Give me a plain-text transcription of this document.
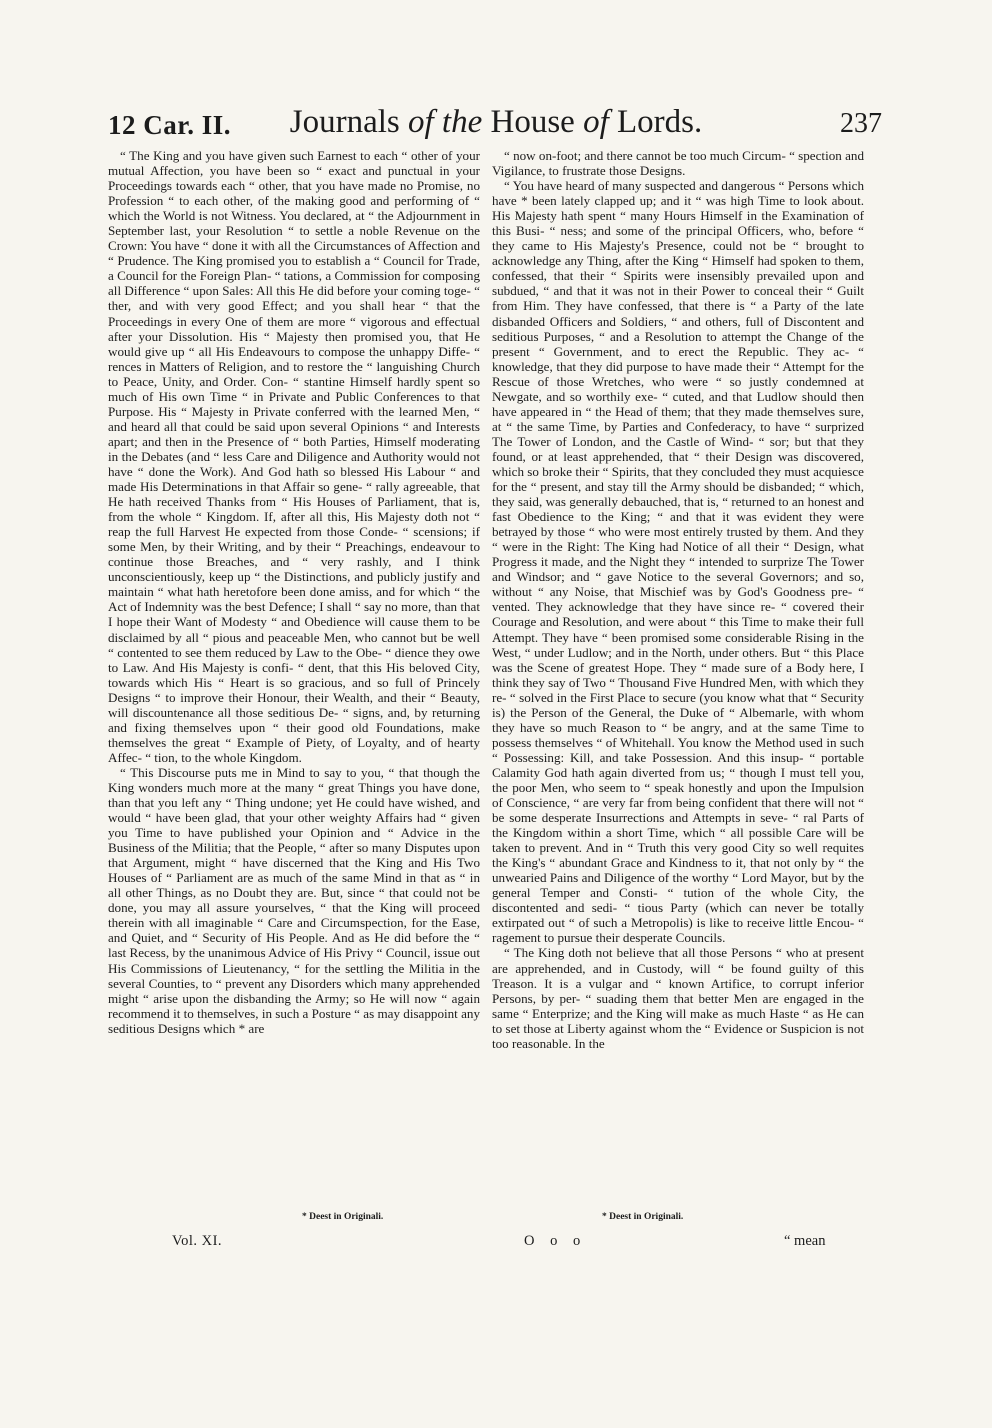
12 Car. II.	Journals of the House of Lords.	237

“ The King and you have given such Earnest to each “ other of your mutual Affection, you have been so “ exact and punctual in your Proceedings towards each “ other, that you have made no Promise, no Profession “ to each other, of the making good and performing of “ which the World is not Witness. You declared, at “ the Adjournment in September last, your Resolution “ to settle a noble Revenue on the Crown: You have “ done it with all the Circumstances of Affection and “ Prudence. The King promised you to establish a “ Council for Trade, a Council for the Foreign Plan- “ tations, a Commission for composing all Difference “ upon Sales: All this He did before your coming toge- “ ther, and with very good Effect; and you shall hear “ that the Proceedings in every One of them are more “ vigorous and effectual after your Dissolution. His “ Majesty then promised you, that He would give up “ all His Endeavours to compose the unhappy Diffe- “ rences in Matters of Religion, and to restore the “ languishing Church to Peace, Unity, and Order. Con- “ stantine Himself hardly spent so much of His own Time “ in Private and Public Conferences to that Purpose. His “ Majesty in Private conferred with the learned Men, “ and heard all that could be said upon several Opinions “ and Interests apart; and then in the Presence of “ both Parties, Himself moderating in the Debates (and “ less Care and Diligence and Authority would not have “ done the Work). And God hath so blessed His Labour “ and made His Determinations in that Affair so gene- “ rally agreeable, that He hath received Thanks from “ His Houses of Parliament, that is, from the whole “ Kingdom. If, after all this, His Majesty doth not “ reap the full Harvest He expected from those Conde- “ scensions; if some Men, by their Writing, and by their “ Preachings, endeavour to continue those Breaches, and “ very rashly, and I think unconscientiously, keep up “ the Distinctions, and publicly justify and maintain “ what hath heretofore been done amiss, and for which “ the Act of Indemnity was the best Defence; I shall “ say no more, than that I hope their Want of Modesty “ and Obedience will cause them to be disclaimed by all “ pious and peaceable Men, who cannot but be well “ contented to see them reduced by Law to the Obe- “ dience they owe to Law. And His Majesty is confi- “ dent, that this His beloved City, towards which His “ Heart is so gracious, and so full of Princely Designs “ to improve their Honour, their Wealth, and their “ Beauty, will discountenance all those seditious De- “ signs, and, by returning and fixing themselves upon “ their good old Foundations, make themselves the great “ Example of Piety, of Loyalty, and of hearty Affec- “ tion, to the whole Kingdom.

“ This Discourse puts me in Mind to say to you, “ that though the King wonders much more at the many “ great Things you have done, than that you left any “ Thing undone; yet He could have wished, and would “ have been glad, that your other weighty Affairs had “ given you Time to have published your Opinion and “ Advice in the Business of the Militia; that the People, “ after so many Disputes upon that Argument, might “ have discerned that the King and His Two Houses of “ Parliament are as much of the same Mind in that as “ in all other Things, as no Doubt they are. But, since “ that could not be done, you may all assure yourselves, “ that the King will proceed therein with all imaginable “ Care and Circumspection, for the Ease, and Quiet, and “ Security of His People. And as He did before the “ last Recess, by the unanimous Advice of His Privy “ Council, issue out His Commissions of Lieutenancy, “ for the settling the Militia in the several Counties, to “ prevent any Disorders which many apprehended might “ arise upon the disbanding the Army; so He will now “ again recommend it to themselves, in such a Posture “ as may disappoint any seditious Designs which * are

“ now on-foot; and there cannot be too much Circum- “ spection and Vigilance, to frustrate those Designs.

“ You have heard of many suspected and dangerous “ Persons which have * been lately clapped up; and it “ was high Time to look about. His Majesty hath spent “ many Hours Himself in the Examination of this Busi- “ ness; and some of the principal Officers, who, before “ they came to His Majesty's Presence, could not be “ brought to acknowledge any Thing, after the King “ Himself had spoken to them, confessed, that their “ Spirits were insensibly prevailed upon and subdued, “ and that it was not in their Power to conceal their “ Guilt from Him. They have confessed, that there is “ a Party of the late disbanded Officers and Soldiers, “ and others, full of Discontent and seditious Purposes, “ and a Resolution to attempt the Change of the present “ Government, and to erect the Republic. They ac- “ knowledge, that they did purpose to have made their “ Attempt for the Rescue of those Wretches, who were “ so justly condemned at Newgate, and so worthily exe- “ cuted, and that Ludlow should then have appeared in “ the Head of them; that they made themselves sure, at “ the same Time, by Parties and Confederacy, to have “ surprized The Tower of London, and the Castle of Wind- “ sor; but that they found, or at least apprehended, that “ their Design was discovered, which so broke their “ Spirits, that they concluded they must acquiesce for the “ present, and stay till the Army should be disbanded; “ which, they said, was generally debauched, that is, “ returned to an honest and fast Obedience to the King; “ and that it was evident they were betrayed by those “ who were most entirely trusted by them. And they “ were in the Right: The King had Notice of all their “ Design, what Progress it made, and the Night they “ intended to surprize The Tower and Windsor; and “ gave Notice to the several Governors; and so, without “ any Noise, that Mischief was by God's Goodness pre- “ vented. They acknowledge that they have since re- “ covered their Courage and Resolution, and were about “ this Time to make their full Attempt. They have “ been promised some considerable Rising in the West, “ under Ludlow; and in the North, under others. But “ this Place was the Scene of greatest Hope. They “ made sure of a Body here, I think they say of Two “ Thousand Five Hundred Men, with which they re- “ solved in the First Place to secure (you know what that “ Security is) the Person of the General, the Duke of “ Albemarle, with whom they have so much Reason to “ be angry, and at the same Time to possess themselves “ of Whitehall. You know the Method used in such “ Possessing: Kill, and take Possession. And this insup- “ portable Calamity God hath again diverted from us; “ though I must tell you, the poor Men, who seem to “ speak honestly and upon the Impulsion of Conscience, “ are very far from being confident that there will not “ be some desperate Insurrections and Attempts in seve- “ ral Parts of the Kingdom within a short Time, which “ all possible Care will be taken to prevent. And in “ Truth this very good City so well requites the King's “ abundant Grace and Kindness to it, that not only by “ the unwearied Pains and Diligence of the worthy “ Lord Mayor, but by the general Temper and Consti- “ tution of the whole City, the discontented and sedi- “ tious Party (which can never be totally extirpated out “ of such a Metropolis) is like to receive little Encou- “ ragement to pursue their desperate Councils.

“ The King doth not believe that all those Persons “ who at present are apprehended, and in Custody, will “ be found guilty of this Treason. It is a vulgar and “ known Artifice, to corrupt inferior Persons, by per- “ suading them that better Men are engaged in the same “ Enterprize; and the King will make as much Haste “ as He can to set those at Liberty against whom the “ Evidence or Suspicion is not too reasonable. In the

* Deest in Originali.	* Deest in Originali.
Vol. XI.	O o o	“ mean
